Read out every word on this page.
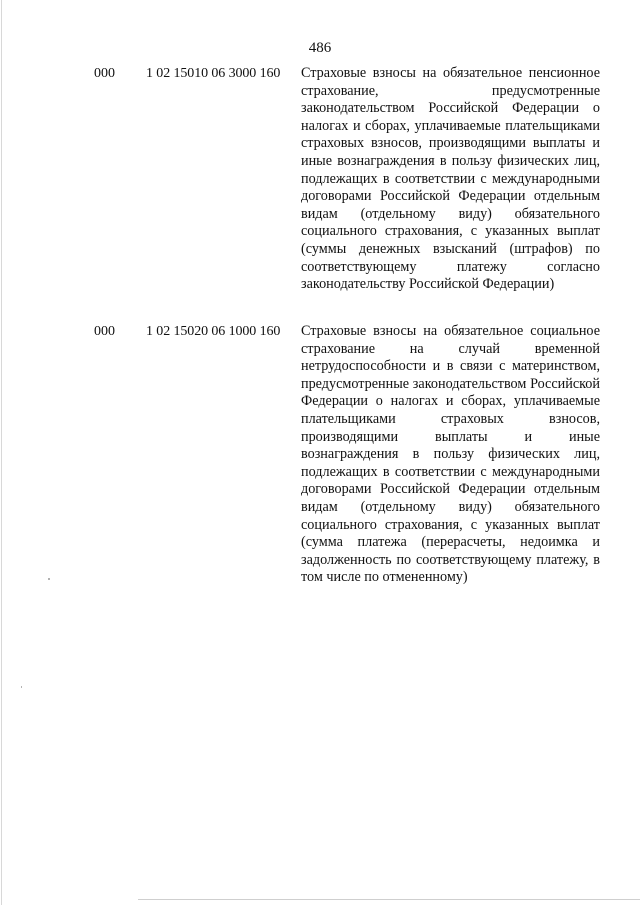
486
000 1 02 15010 06 3000 160 Страховые взносы на обязательное пенсионное страхование, предусмотренные законодательством Российской Федерации о налогах и сборах, уплачиваемые плательщиками страховых взносов, производящими выплаты и иные вознаграждения в пользу физических лиц, подлежащих в соответствии с международными договорами Российской Федерации отдельным видам (отдельному виду) обязательного социального страхования, с указанных выплат (суммы денежных взысканий (штрафов) по соответствующему платежу согласно законодательству Российской Федерации)
000 1 02 15020 06 1000 160 Страховые взносы на обязательное социальное страхование на случай временной нетрудоспособности и в связи с материнством, предусмотренные законодательством Российской Федерации о налогах и сборах, уплачиваемые плательщиками страховых взносов, производящими выплаты и иные вознаграждения в пользу физических лиц, подлежащих в соответствии с международными договорами Российской Федерации отдельным видам (отдельному виду) обязательного социального страхования, с указанных выплат (сумма платежа (перерасчеты, недоимка и задолженность по соответствующему платежу, в том числе по отмененному)
